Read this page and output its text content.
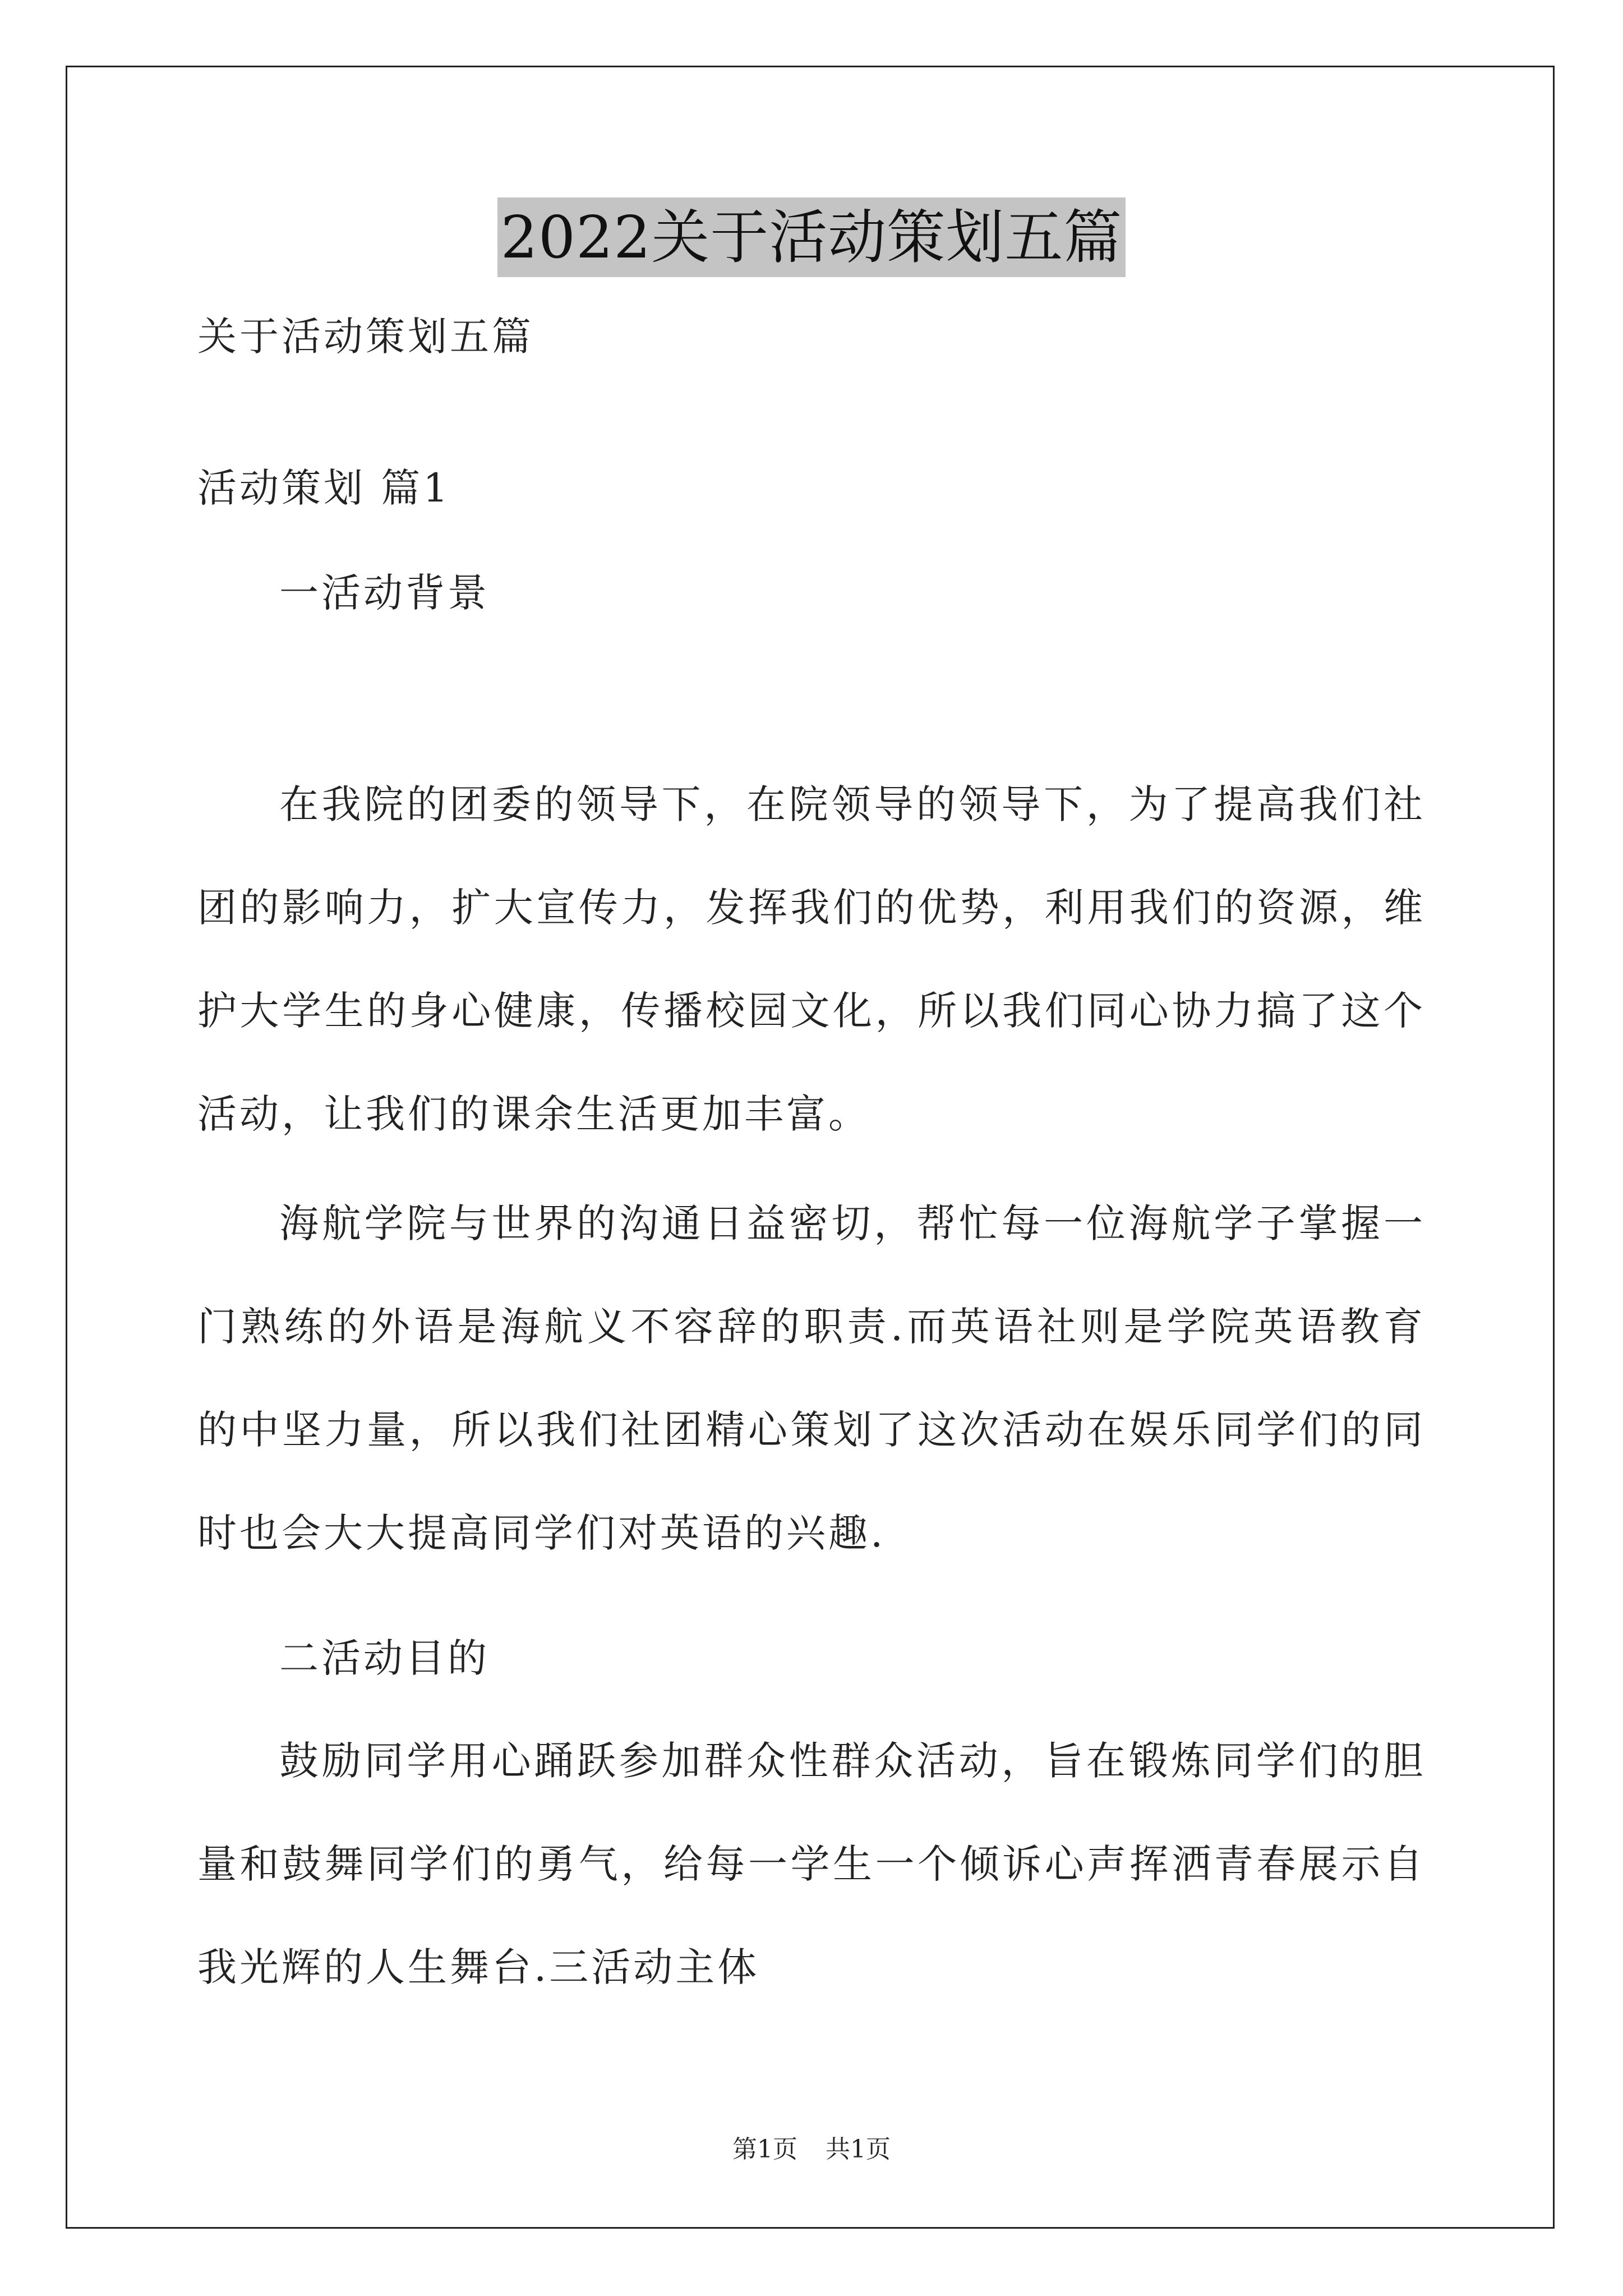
2022关于活动策划五篇
关于活动策划五篇
活动策划 篇1
一活动背景
在我院的团委的领导下，在院领导的领导下，为了提高我们社团的影响力，扩大宣传力，发挥我们的优势，利用我们的资源，维护大学生的身心健康，传播校园文化，所以我们同心协力搞了这个活动，让我们的课余生活更加丰富。
海航学院与世界的沟通日益密切，帮忙每一位海航学子掌握一门熟练的外语是海航义不容辞的职责.而英语社则是学院英语教育的中坚力量，所以我们社团精心策划了这次活动在娱乐同学们的同时也会大大提高同学们对英语的兴趣.
二活动目的
鼓励同学用心踊跃参加群众性群众活动，旨在锻炼同学们的胆量和鼓舞同学们的勇气，给每一学生一个倾诉心声挥洒青春展示自我光辉的人生舞台.三活动主体
第1页 共1页
